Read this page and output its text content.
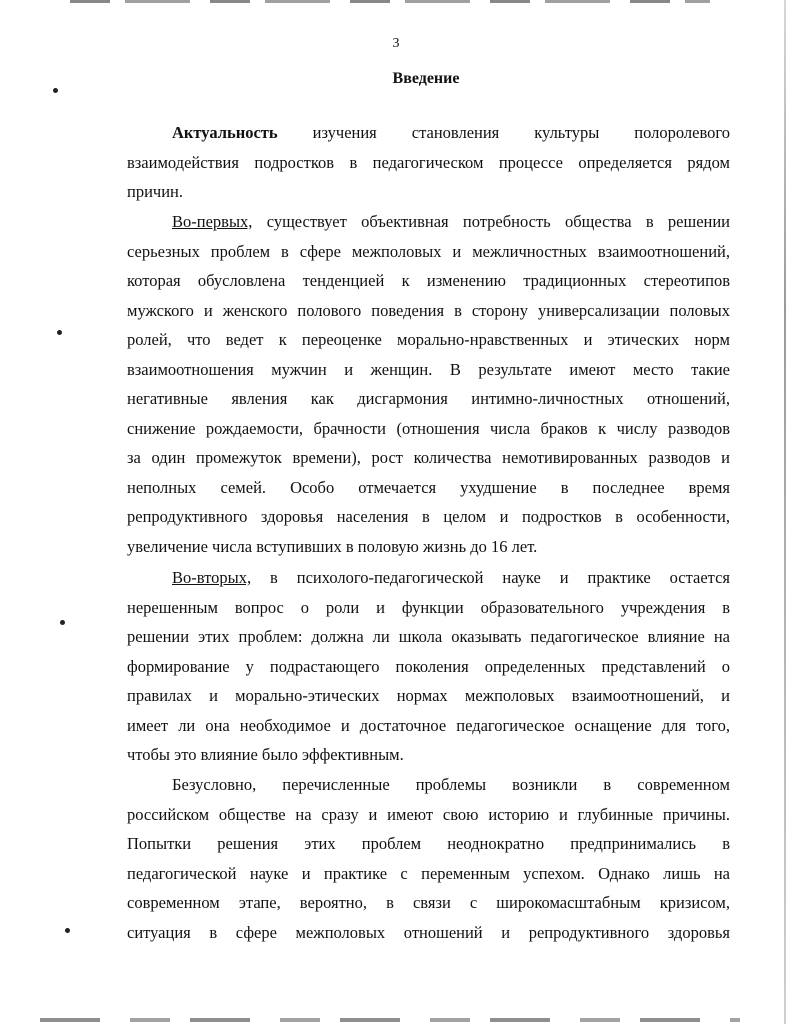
3
Введение
Актуальность изучения становления культуры полоролевого
взаимодействия подростков в педагогическом процессе определяется рядом
причин.
Во-первых, существует объективная потребность общества в решении
серьезных проблем в сфере межполовых и межличностных взаимоотношений,
которая обусловлена тенденцией к изменению традиционных стереотипов
мужского и женского полового поведения в сторону универсализации половых
ролей, что ведет к переоценке морально-нравственных и этических норм
взаимоотношения мужчин и женщин. В результате имеют место такие
негативные явления как дисгармония интимно-личностных отношений,
снижение рождаемости, брачности (отношения числа браков к числу разводов
за один промежуток времени), рост количества немотивированных разводов и
неполных семей. Особо отмечается ухудшение в последнее время
репродуктивного здоровья населения в целом и подростков в особенности,
увеличение числа вступивших в половую жизнь до 16 лет.
Во-вторых, в психолого-педагогической науке и практике остается
нерешенным вопрос о роли и функции образовательного учреждения в
решении этих проблем: должна ли школа оказывать педагогическое влияние на
формирование у подрастающего поколения определенных представлений о
правилах и морально-этических нормах межполовых взаимоотношений, и
имеет ли она необходимое и достаточное педагогическое оснащение для того,
чтобы это влияние было эффективным.
Безусловно, перечисленные проблемы возникли в современном
российском обществе на сразу и имеют свою историю и глубинные причины.
Попытки решения этих проблем неоднократно предпринимались в
педагогической науке и практике с переменным успехом. Однако лишь на
современном этапе, вероятно, в связи с широкомасштабным кризисом,
ситуация в сфере межполовых отношений и репродуктивного здоровья
